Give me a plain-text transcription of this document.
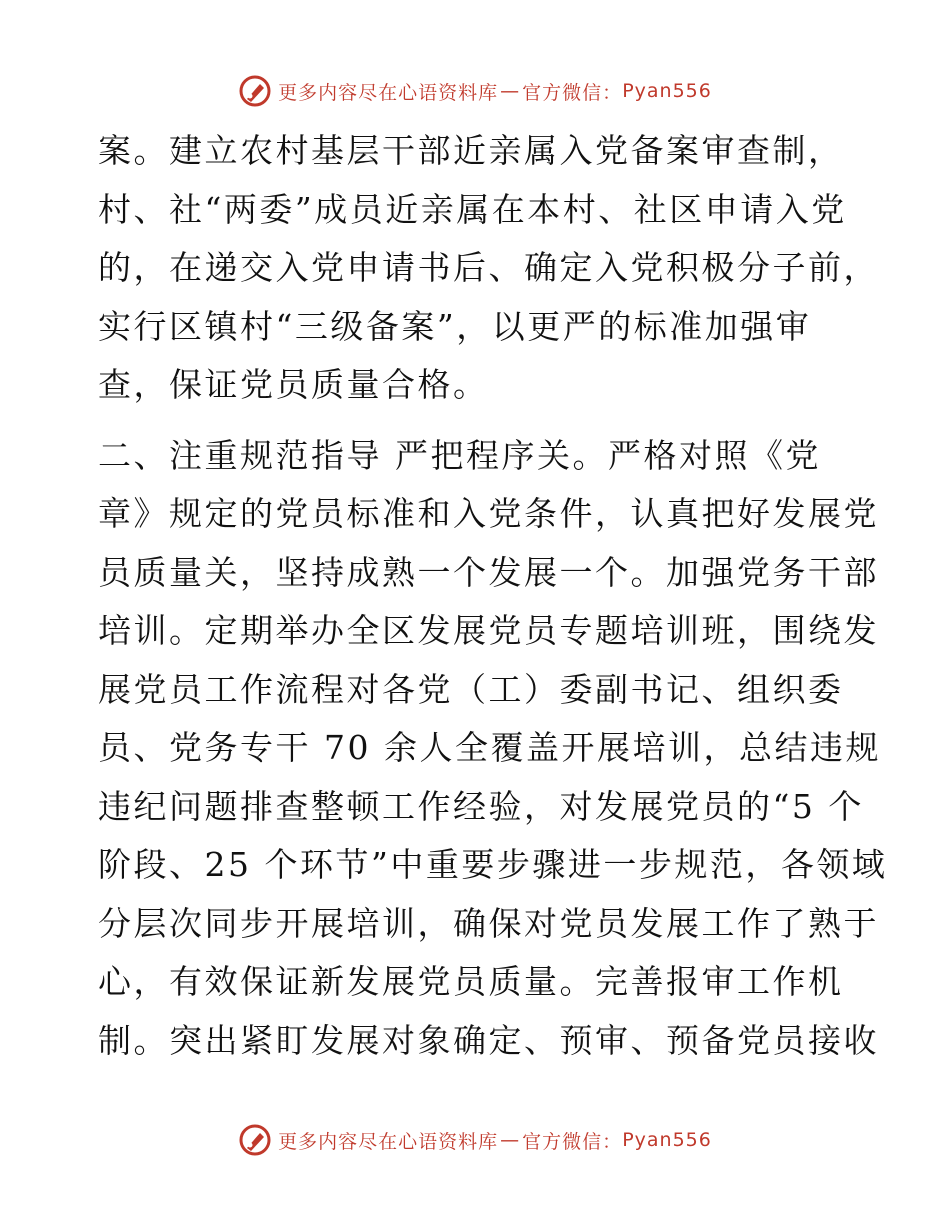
更多内容尽在心语资料库 — 官方微信： Pyan556
案。建立农村基层干部近亲属入党备案审查制，
村、社“两委”成员近亲属在本村、社区申请入党
的，在递交入党申请书后、确定入党积极分子前，
实行区镇村“三级备案”，以更严的标准加强审
查，保证党员质量合格。
二、注重规范指导 严把程序关。严格对照《党
章》规定的党员标准和入党条件，认真把好发展党
员质量关，坚持成熟一个发展一个。加强党务干部
培训。定期举办全区发展党员专题培训班，围绕发
展党员工作流程对各党（工）委副书记、组织委
员、党务专干 70 余人全覆盖开展培训，总结违规
违纪问题排查整顿工作经验，对发展党员的“5 个
阶段、25 个环节”中重要步骤进一步规范，各领域
分层次同步开展培训，确保对党员发展工作了熟于
心，有效保证新发展党员质量。完善报审工作机
制。突出紧盯发展对象确定、预审、预备党员接收
更多内容尽在心语资料库 — 官方微信： Pyan556
